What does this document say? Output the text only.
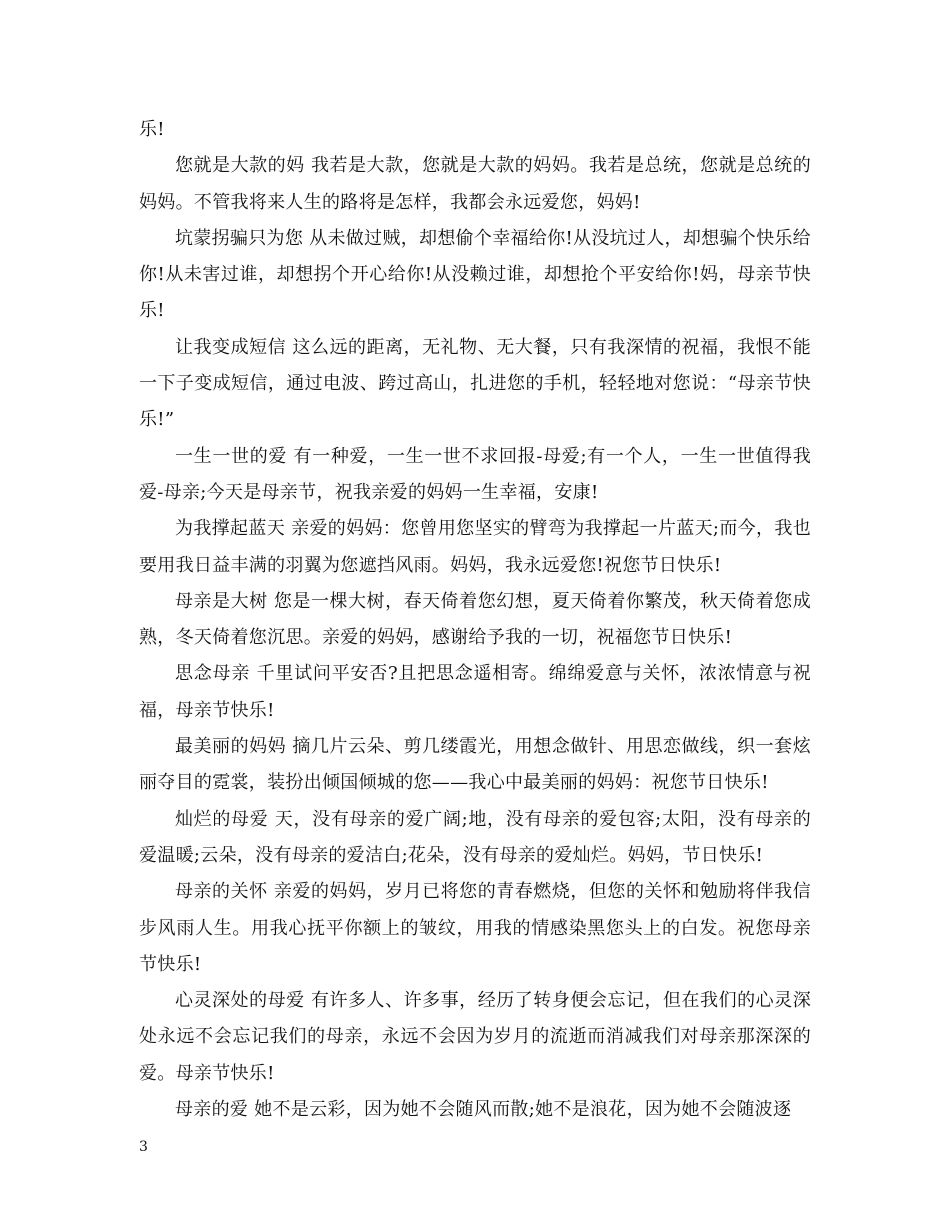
乐!

您就是大款的妈 我若是大款，您就是大款的妈妈。我若是总统，您就是总统的妈妈。不管我将来人生的路将是怎样，我都会永远爱您，妈妈!

坑蒙拐骗只为您 从未做过贼，却想偷个幸福给你!从没坑过人，却想骗个快乐给你!从未害过谁，却想拐个开心给你!从没赖过谁，却想抢个平安给你!妈，母亲节快乐!

让我变成短信 这么远的距离，无礼物、无大餐，只有我深情的祝福，我恨不能一下子变成短信，通过电波、跨过高山，扎进您的手机，轻轻地对您说：“母亲节快乐!”

一生一世的爱 有一种爱，一生一世不求回报-母爱;有一个人，一生一世值得我爱-母亲;今天是母亲节，祝我亲爱的妈妈一生幸福，安康!

为我撑起蓝天 亲爱的妈妈：您曾用您坚实的臂弯为我撑起一片蓝天;而今，我也要用我日益丰满的羽翼为您遮挡风雨。妈妈，我永远爱您!祝您节日快乐!

母亲是大树 您是一棵大树，春天倚着您幻想，夏天倚着你繁茂，秋天倚着您成熟，冬天倚着您沉思。亲爱的妈妈，感谢给予我的一切，祝福您节日快乐!

思念母亲 千里试问平安否?且把思念遥相寄。绵绵爱意与关怀，浓浓情意与祝福，母亲节快乐!

最美丽的妈妈 摘几片云朵、剪几缕霞光，用想念做针、用思恋做线，织一套炫丽夺目的霓裳，装扮出倾国倾城的您——我心中最美丽的妈妈：祝您节日快乐!

灿烂的母爱 天，没有母亲的爱广阔;地，没有母亲的爱包容;太阳，没有母亲的爱温暖;云朵，没有母亲的爱洁白;花朵，没有母亲的爱灿烂。妈妈，节日快乐!

母亲的关怀 亲爱的妈妈，岁月已将您的青春燃烧，但您的关怀和勉励将伴我信步风雨人生。用我心抚平你额上的皱纹，用我的情感染黑您头上的白发。祝您母亲节快乐!

心灵深处的母爱 有许多人、许多事，经历了转身便会忘记，但在我们的心灵深处永远不会忘记我们的母亲，永远不会因为岁月的流逝而消减我们对母亲那深深的爱。母亲节快乐!

母亲的爱 她不是云彩，因为她不会随风而散;她不是浪花，因为她不会随波逐

3
